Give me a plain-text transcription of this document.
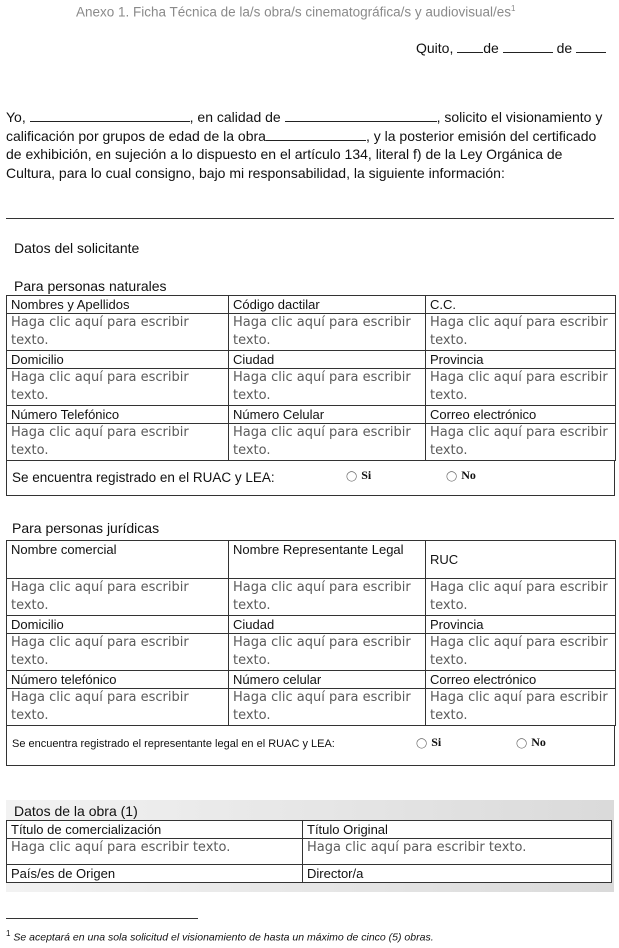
Anexo 1. Ficha Técnica de la/s obra/s cinematográfica/s y audiovisual/$es^1$
Quito, de	de
Yo,	, en calidad de	, solicito el visionamiento y calificación por grupos de edad de la obra	, y la posterior emisión del certificado de exhibición, en sujeción a lo dispuesto en el artículo 134, literal f) de la Ley Orgánica de Cultura, para lo cual consigno, bajo mi responsabilidad, la siguiente información:
Datos del solicitante
Para personas naturales
Nombres y Apellidos	Código dactilar	C.C.
Haga clic aquí para escribir texto.	Haga clic aquí para escribir texto.	Haga clic aquí para escribir texto.
Domicilio	Ciudad	Provincia
Haga clic aquí para escribir texto.	Haga clic aquí para escribir texto.	Haga clic aquí para escribir texto.
Número Telefónico	Número Celular	Correo electrónico
Haga clic aquí para escribir texto.	Haga clic aquí para escribir texto.	Haga clic aquí para escribir texto.
Se encuentra registrado en el RUAC y LEA:	◯ Si	◯ No
Para personas jurídicas
Nombre comercial	Nombre Representante Legal	RUC
Haga clic aquí para escribir texto.	Haga clic aquí para escribir texto.	Haga clic aquí para escribir texto.
Domicilio	Ciudad	Provincia
Haga clic aquí para escribir texto.	Haga clic aquí para escribir texto.	Haga clic aquí para escribir texto.
Número telefónico	Número celular	Correo electrónico
Haga clic aquí para escribir texto.	Haga clic aquí para escribir texto.	Haga clic aquí para escribir texto.
Se encuentra registrado el representante legal en el RUAC y LEA:	◯ Si	◯ No
Datos de la obra (1)
Título de comercialización	Título Original
Haga clic aquí para escribir texto.	Haga clic aquí para escribir texto.
País/es de Origen	Director/a
$^1$ Se aceptará en una sola solicitud el visionamiento de hasta un máximo de cinco (5) obras.
